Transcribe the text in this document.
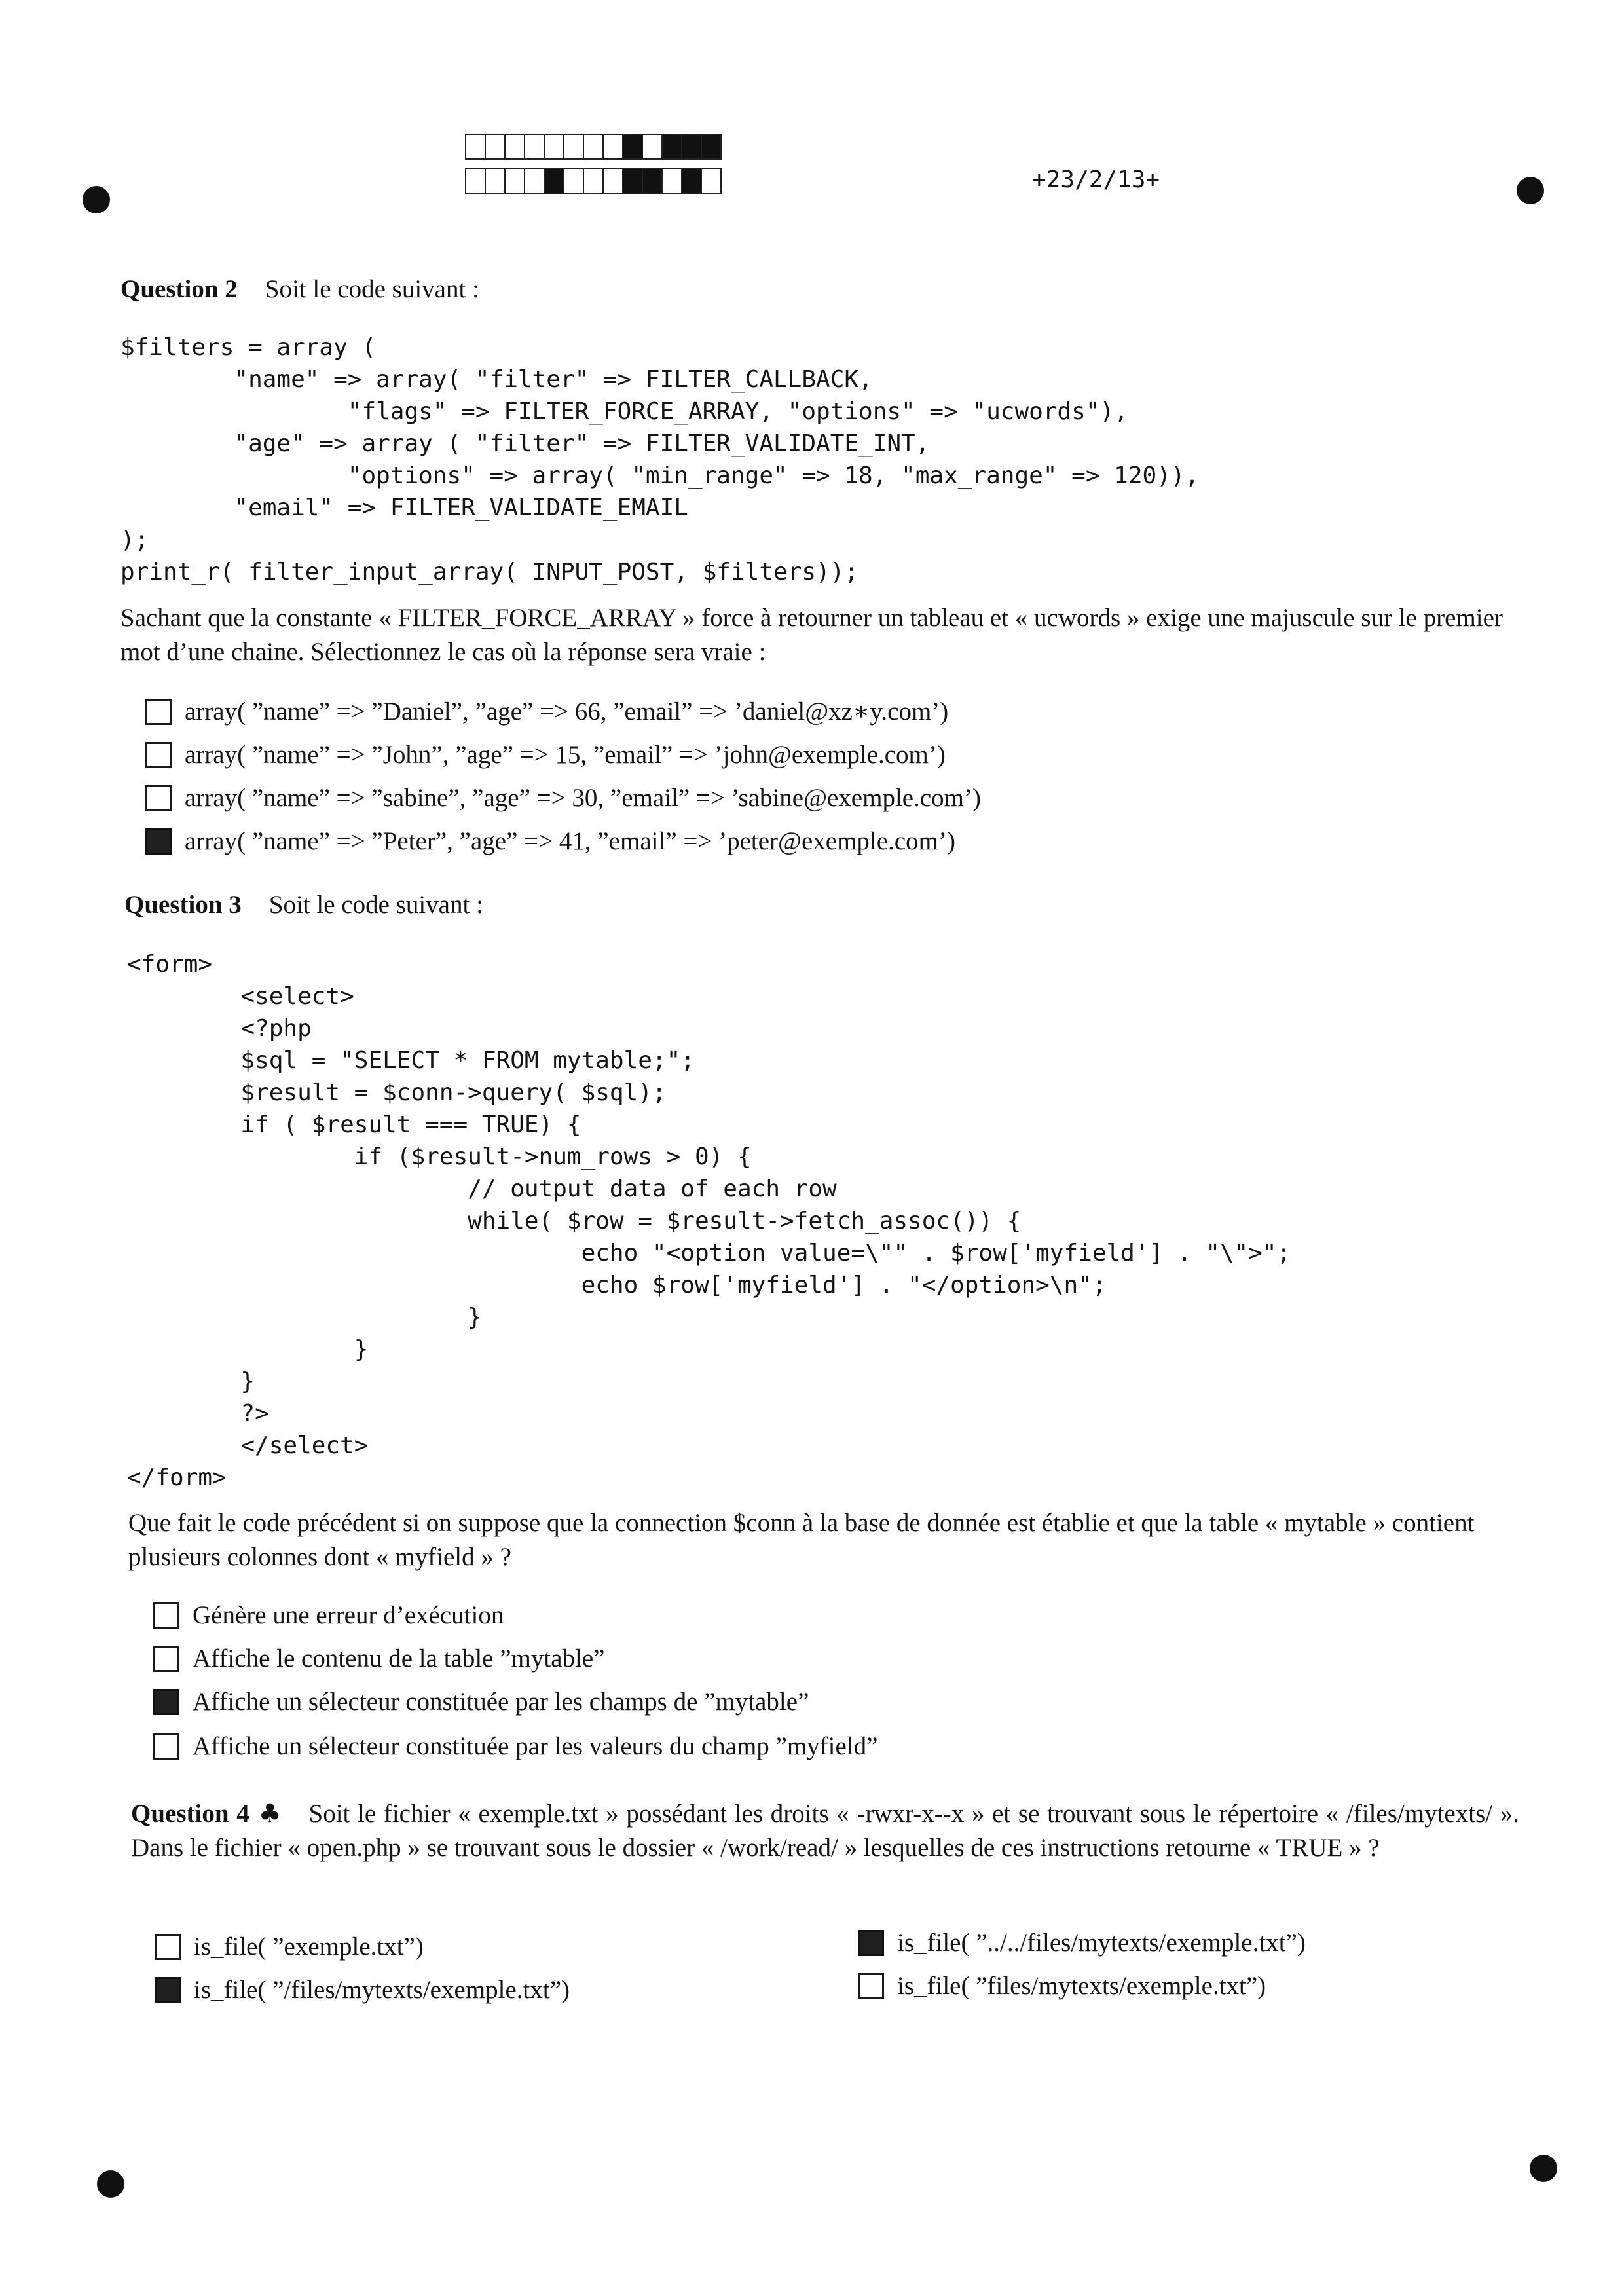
+23/2/13+
Question 2 Soit le code suivant :
$filters = array (
"name" => array( "filter" => FILTER_CALLBACK,
"flags" => FILTER_FORCE_ARRAY, "options" => "ucwords"),
"age" => array ( "filter" => FILTER_VALIDATE_INT,
"options" => array( "min_range" => 18, "max_range" => 120)),
"email" => FILTER_VALIDATE_EMAIL
);
print_r( filter_input_array( INPUT_POST, $filters));
Sachant que la constante « FILTER_FORCE_ARRAY » force à retourner un tableau et « ucwords » exige une majuscule sur le premier mot d’une chaine. Sélectionnez le cas où la réponse sera vraie :
array( ”name” => ”Daniel”, ”age” => 66, ”email” => ’daniel@xz∗y.com’)
array( ”name” => ”John”, ”age” => 15, ”email” => ’john@exemple.com’)
array( ”name” => ”sabine”, ”age” => 30, ”email” => ’sabine@exemple.com’)
array( ”name” => ”Peter”, ”age” => 41, ”email” => ’peter@exemple.com’)
Question 3 Soit le code suivant :
<form>
<select>
<?php
$sql = "SELECT * FROM mytable;";
$result = $conn->query( $sql);
if ( $result === TRUE) {
if ($result->num_rows > 0) {
// output data of each row
while( $row = $result->fetch_assoc()) {
echo "<option value=\"" . $row['myfield'] . "\">";
echo $row['myfield'] . "</option>\n";
}
}
}
?>
</select>
</form>
Que fait le code précédent si on suppose que la connection $conn à la base de donnée est établie et que la table « mytable » contient plusieurs colonnes dont « myfield » ?
Génère une erreur d’exécution
Affiche le contenu de la table ”mytable”
Affiche un sélecteur constituée par les champs de ”mytable”
Affiche un sélecteur constituée par les valeurs du champ ”myfield”
Question 4 ♣ Soit le fichier « exemple.txt » possédant les droits « -rwxr-x--x » et se trouvant sous le répertoire « /files/mytexts/ ». Dans le fichier « open.php » se trouvant sous le dossier « /work/read/ » lesquelles de ces instructions retourne « TRUE » ?
is_file( ”exemple.txt”)
is_file( ”/files/mytexts/exemple.txt”)
is_file( ”../../files/mytexts/exemple.txt”)
is_file( ”files/mytexts/exemple.txt”)
